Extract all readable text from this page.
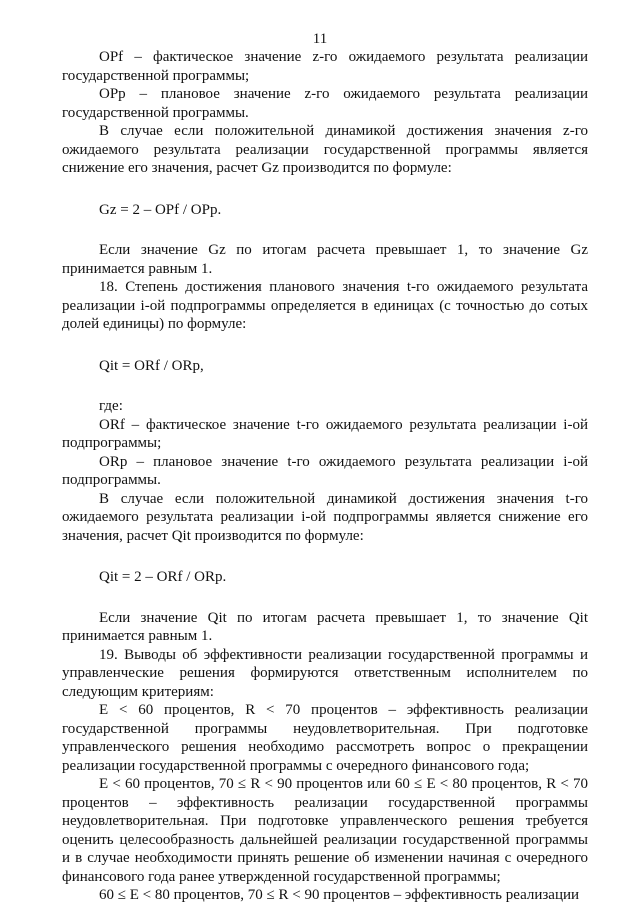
11

OPf – фактическое значение z-го ожидаемого результата реализации государственной программы;

OPp – плановое значение z-го ожидаемого результата реализации государственной программы.

В случае если положительной динамикой достижения значения z-го ожидаемого результата реализации государственной программы является снижение его значения, расчет Gz производится по формуле:

Gz = 2 – OPf / OPp.

Если значение Gz по итогам расчета превышает 1, то значение Gz принимается равным 1.

18. Степень достижения планового значения t-го ожидаемого результата реализации i-ой подпрограммы определяется в единицах (с точностью до сотых долей единицы) по формуле:

Qit = ORf / ORp,

где:

ORf – фактическое значение t-го ожидаемого результата реализации i-ой подпрограммы;

ORp – плановое значение t-го ожидаемого результата реализации i-ой подпрограммы.

В случае если положительной динамикой достижения значения t-го ожидаемого результата реализации i-ой подпрограммы является снижение его значения, расчет Qit производится по формуле:

Qit = 2 – ORf / ORp.

Если значение Qit по итогам расчета превышает 1, то значение Qit принимается равным 1.

19. Выводы об эффективности реализации государственной программы и управленческие решения формируются ответственным исполнителем по следующим критериям:

E < 60 процентов, R < 70 процентов – эффективность реализации государственной программы неудовлетворительная. При подготовке управленческого решения необходимо рассмотреть вопрос о прекращении реализации государственной программы с очередного финансового года;

E < 60 процентов, 70 ≤ R < 90 процентов или 60 ≤ E < 80 процентов, R < 70 процентов – эффективность реализации государственной программы неудовлетворительная. При подготовке управленческого решения требуется оценить целесообразность дальнейшей реализации государственной программы и в случае необходимости принять решение об изменении начиная с очередного финансового года ранее утвержденной государственной программы;

60 ≤ E < 80 процентов, 70 ≤ R < 90 процентов – эффективность реализации
